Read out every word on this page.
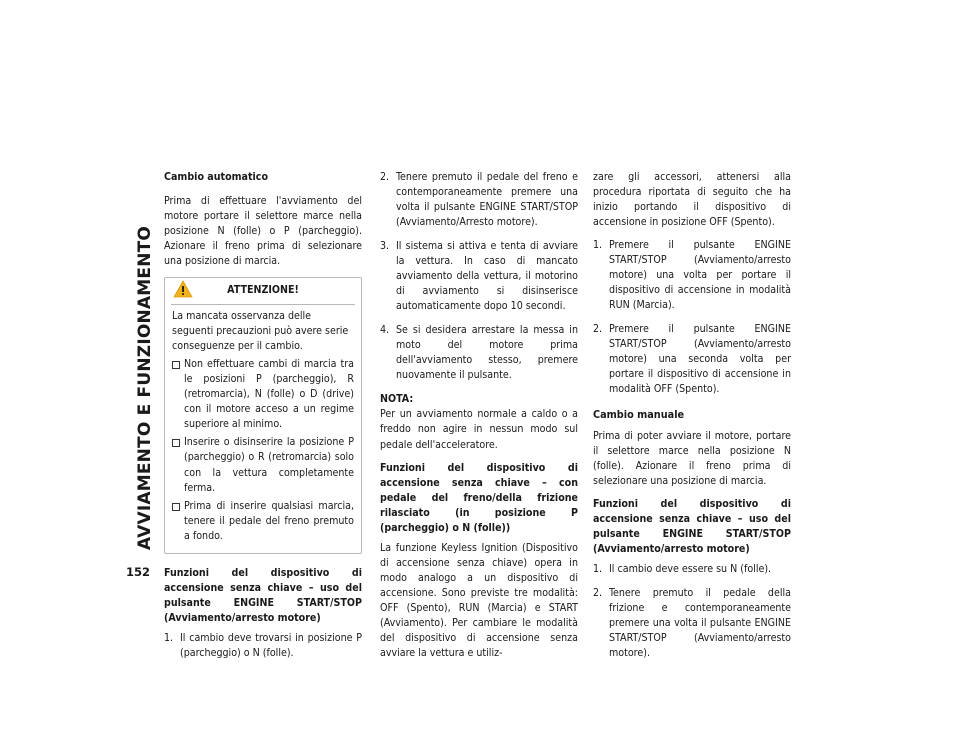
AVVIAMENTO E FUNZIONAMENTO
Cambio automatico

Prima di effettuare l'avviamento del motore portare il selettore marce nella posizione N (folle) o P (parcheggio). Azionare il freno prima di selezionare una posizione di marcia.

ATTENZIONE!

La mancata osservanza delle seguenti precauzioni può avere serie conseguenze per il cambio.

Non effettuare cambi di marcia tra le posizioni P (parcheggio), R (retromarcia), N (folle) o D (drive) con il motore acceso a un regime superiore al minimo.
Inserire o disinserire la posizione P (parcheggio) o R (retromarcia) solo con la vettura completamente ferma.
Prima di inserire qualsiasi marcia, tenere il pedale del freno premuto a fondo.
Funzioni del dispositivo di accensione senza chiave – uso del pulsante ENGINE START/STOP (Avviamento/arresto motore)
1. Il cambio deve trovarsi in posizione P (parcheggio) o N (folle).
2. Tenere premuto il pedale del freno e contemporaneamente premere una volta il pulsante ENGINE START/STOP (Avviamento/Arresto motore).
3. Il sistema si attiva e tenta di avviare la vettura. In caso di mancato avviamento della vettura, il motorino di avviamento si disinserisce automaticamente dopo 10 secondi.
4. Se si desidera arrestare la messa in moto del motore prima dell'avviamento stesso, premere nuovamente il pulsante.
NOTA:

Per un avviamento normale a caldo o a freddo non agire in nessun modo sul pedale dell'acceleratore.

Funzioni del dispositivo di accensione senza chiave – con pedale del freno/della frizione rilasciato (in posizione P (parcheggio) o N (folle))

La funzione Keyless Ignition (Dispositivo di accensione senza chiave) opera in modo analogo a un dispositivo di accensione. Sono previste tre modalità: OFF (Spento), RUN (Marcia) e START (Avviamento). Per cambiare le modalità del dispositivo di accensione senza avviare la vettura e utiliz-

zare gli accessori, attenersi alla procedura riportata di seguito che ha inizio portando il dispositivo di accensione in posizione OFF (Spento).

1. Premere il pulsante ENGINE START/STOP (Avviamento/arresto motore) una volta per portare il dispositivo di accensione in modalità RUN (Marcia).
2. Premere il pulsante ENGINE START/STOP (Avviamento/arresto motore) una seconda volta per portare il dispositivo di accensione in modalità OFF (Spento).
Cambio manuale

Prima di poter avviare il motore, portare il selettore marce nella posizione N (folle). Azionare il freno prima di selezionare una posizione di marcia.

Funzioni del dispositivo di accensione senza chiave – uso del pulsante ENGINE START/STOP (Avviamento/arresto motore)
1. Il cambio deve essere su N (folle).
2. Tenere premuto il pedale della frizione e contemporaneamente premere una volta il pulsante ENGINE START/STOP (Avviamento/arresto motore).
152
